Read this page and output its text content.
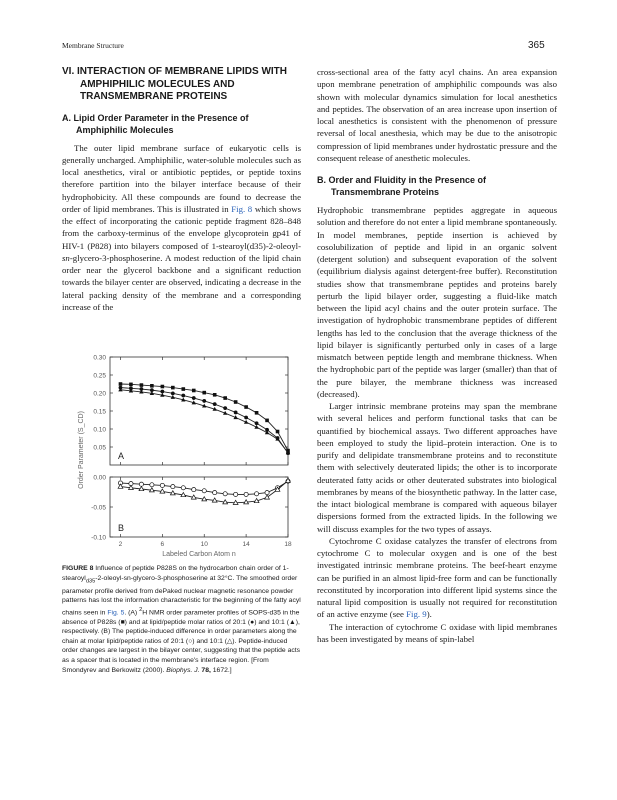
Membrane Structure	365
VI. INTERACTION OF MEMBRANE LIPIDS WITH AMPHIPHILIC MOLECULES AND TRANSMEMBRANE PROTEINS
A. Lipid Order Parameter in the Presence of Amphiphilic Molecules

The outer lipid membrane surface of eukaryotic cells is generally uncharged. Amphiphilic, water-soluble molecules such as local anesthetics, viral or antibiotic peptides, or peptide toxins therefore partition into the bilayer interface because of their hydrophobicity. All these compounds are found to decrease the order of lipid membranes. This is illustrated in Fig. 8 which shows the effect of incorporating the cationic peptide fragment 828–848 from the carboxy-terminus of the envelope glycoprotein gp41 of HIV-1 (P828) into bilayers composed of 1-stearoyl(d35)-2-oleoyl-sn-glycero-3-phosphoserine. A modest reduction of the lipid chain order near the glycerol backbone and a significant reduction towards the bilayer center are observed, indicating a decrease in the lateral packing density of the membrane and a corresponding increase of the

0.30
0.25
0.20
0.15
0.10
0.05
A
0.00
-0.05
-0.10
B
2	6	10	14	18
Labeled Carbon Atom n
Order Parameter (S_CD)
FIGURE 8 Influence of peptide P828S on the hydrocarbon chain order of 1-stearoyl$_{d35}$-2-oleoyl-sn-glycero-3-phosphoserine at 32°C. The smoothed order parameter profile derived from dePaked nuclear magnetic resonance powder patterns has lost the information characteristic for the beginning of the fatty acyl chains seen in Fig. 5. (A) $^2$H NMR order parameter profiles of SOPS-d35 in the absence of P828s (■) and at lipid/peptide molar ratios of 20:1 (●) and 10:1 (▲), respectively. (B) The peptide-induced difference in order parameters along the chain at molar lipid/peptide ratios of 20:1 (○) and 10:1 (△). Peptide-induced order changes are largest in the bilayer center, suggesting that the peptide acts as a spacer that is located in the membrane's interface region. [From Smondyrev and Berkowitz (2000). Biophys. J. 78, 1672.]

cross-sectional area of the fatty acyl chains. An area expansion upon membrane penetration of amphiphilic compounds was also shown with molecular dynamics simulation for local anesthetics and peptides. The observation of an area increase upon insertion of local anesthetics is consistent with the phenomenon of pressure reversal of local anesthesia, which may be due to the anisotropic compression of lipid membranes under hydrostatic pressure and the consequent release of anesthetic molecules.

B. Order and Fluidity in the Presence of Transmembrane Proteins

Hydrophobic transmembrane peptides aggregate in aqueous solution and therefore do not enter a lipid membrane spontaneously. In model membranes, peptide insertion is achieved by cosolubilization of peptide and lipid in an organic solvent (detergent solution) and subsequent evaporation of the solvent (equilibrium dialysis against detergent-free buffer). Reconstitution studies show that transmembrane peptides and proteins barely perturb the lipid bilayer order, suggesting a fluid-like match between the lipid acyl chains and the outer protein surface. The investigation of hydrophobic transmembrane peptides of different lengths has led to the conclusion that the average thickness of the lipid bilayer is significantly perturbed only in cases of a large mismatch between peptide length and membrane thickness. When the hydrophobic part of the peptide was larger (smaller) than that of the pure bilayer, the membrane thickness was increased (decreased).

Larger intrinsic membrane proteins may span the membrane with several helices and perform functional tasks that can be quantified by biochemical assays. Two different approaches have been employed to study the lipid–protein interaction. One is to purify and delipidate transmembrane proteins and to reconstitute them with selectively deuterated lipids; the other is to incorporate deuterated fatty acids or other deuterated substrates into biological membranes by means of the biosynthetic pathway. In the latter case, the intact biological membrane is compared with aqueous bilayer dispersions formed from the extracted lipids. In the following we will discuss examples for the two types of assays.

Cytochrome C oxidase catalyzes the transfer of electrons from cytochrome C to molecular oxygen and is one of the best investigated intrinsic membrane proteins. The beef-heart enzyme can be purified in an almost lipid-free form and can be functionally reconstituted by incorporation into different lipid systems since the natural lipid composition is usually not required for reconstitution of an active enzyme (see Fig. 9).

The interaction of cytochrome C oxidase with lipid membranes has been investigated by means of spin-label
